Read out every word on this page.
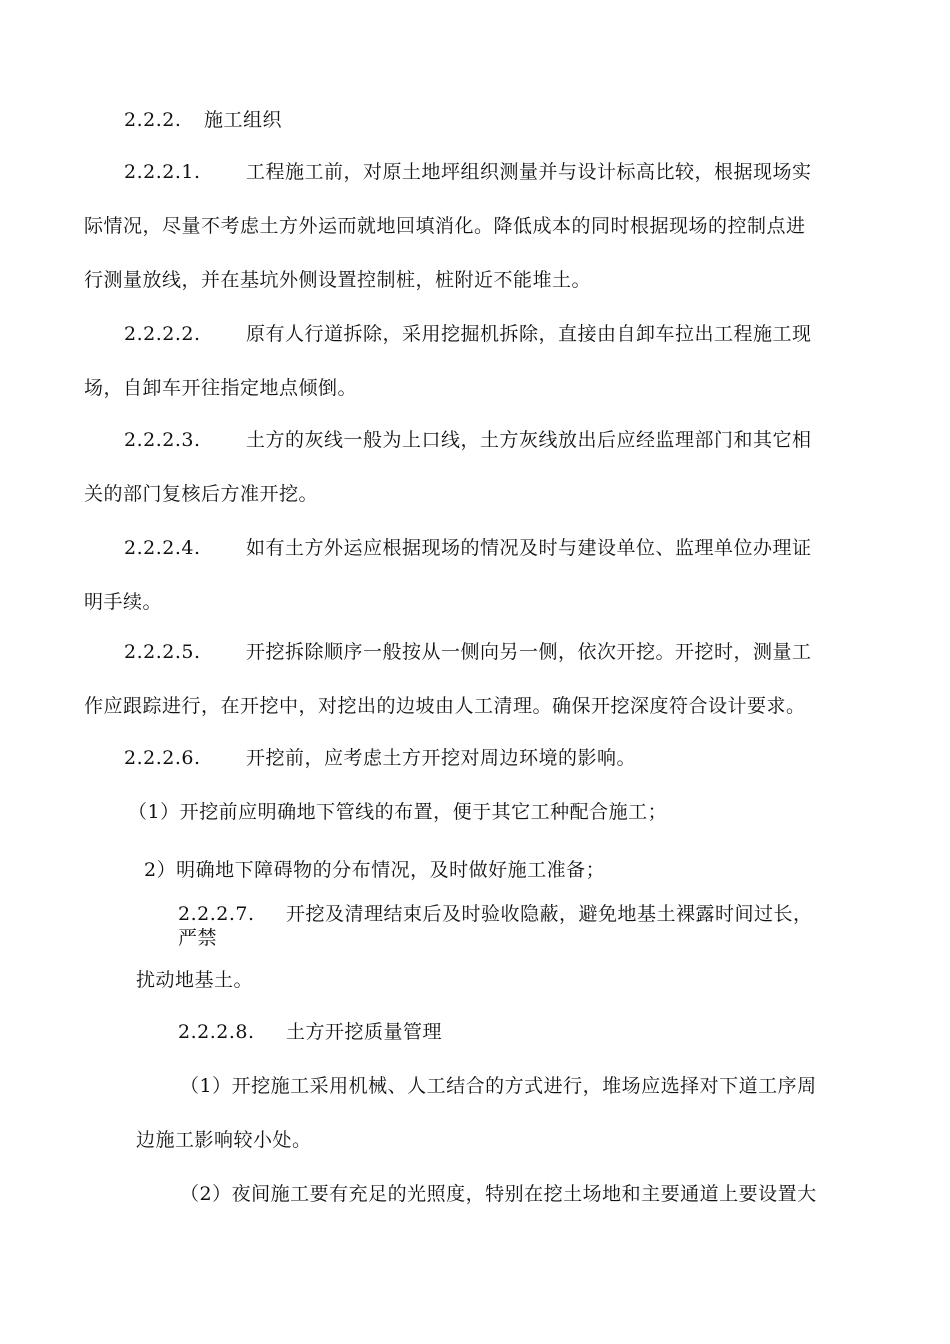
2.2.2. 施工组织
2.2.2.1. 工程施工前，对原土地坪组织测量并与设计标高比较，根据现场实
际情况，尽量不考虑土方外运而就地回填消化。降低成本的同时根据现场的控制点进
行测量放线，并在基坑外侧设置控制桩，桩附近不能堆土。
2.2.2.2. 原有人行道拆除，采用挖掘机拆除，直接由自卸车拉出工程施工现
场，自卸车开往指定地点倾倒。
2.2.2.3. 土方的灰线一般为上口线，土方灰线放出后应经监理部门和其它相
关的部门复核后方准开挖。
2.2.2.4. 如有土方外运应根据现场的情况及时与建设单位、监理单位办理证
明手续。
2.2.2.5. 开挖拆除顺序一般按从一侧向另一侧，依次开挖。开挖时，测量工
作应跟踪进行，在开挖中，对挖出的边坡由人工清理。确保开挖深度符合设计要求。
2.2.2.6. 开挖前，应考虑土方开挖对周边环境的影响。
（1）开挖前应明确地下管线的布置，便于其它工种配合施工；
2）明确地下障碍物的分布情况，及时做好施工准备；
2.2.2.7. 开挖及清理结束后及时验收隐蔽，避免地基土裸露时间过长，
严禁
扰动地基土。
2.2.2.8. 土方开挖质量管理
（1）开挖施工采用机械、人工结合的方式进行，堆场应选择对下道工序周
边施工影响较小处。
（2）夜间施工要有充足的光照度，特别在挖土场地和主要通道上要设置大
